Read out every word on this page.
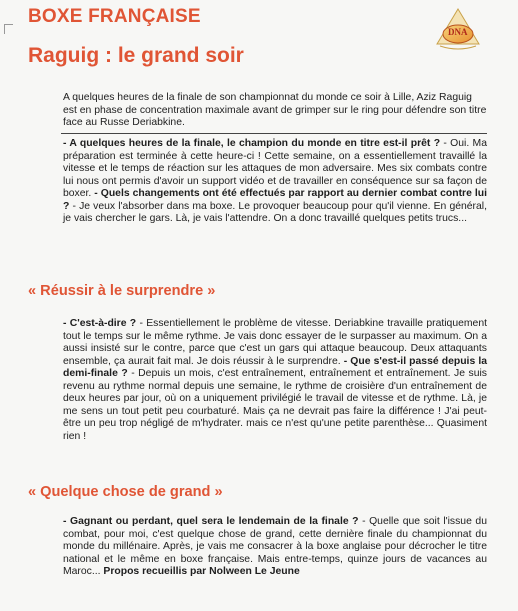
BOXE FRANÇAISE
DNA
Raguig : le grand soir

A quelques heures de la finale de son championnat du monde ce soir à Lille, Aziz Raguig est en phase de concentration maximale avant de grimper sur le ring pour défendre son titre face au Russe Deriabkine.

- A quelques heures de la finale, le champion du monde en titre est-il prêt ? - Oui. Ma préparation est terminée à cette heure-ci ! Cette semaine, on a essentiellement travaillé la vitesse et le temps de réaction sur les attaques de mon adversaire. Mes six combats contre lui nous ont permis d'avoir un support vidéo et de travailler en conséquence sur sa façon de boxer. - Quels changements ont été effectués par rapport au dernier combat contre lui ? - Je veux l'absorber dans ma boxe. Le provoquer beaucoup pour qu'il vienne. En général, je vais chercher le gars. Là, je vais l'attendre. On a donc travaillé quelques petits trucs...

« Réussir à le surprendre »

- C'est-à-dire ? - Essentiellement le problème de vitesse. Deriabkine travaille pratiquement tout le temps sur le même rythme. Je vais donc essayer de le surpasser au maximum. On a aussi insisté sur le contre, parce que c'est un gars qui attaque beaucoup. Deux attaquants ensemble, ça aurait fait mal. Je dois réussir à le surprendre. - Que s'est-il passé depuis la demi-finale ? - Depuis un mois, c'est entraînement, entraînement et entraînement. Je suis revenu au rythme normal depuis une semaine, le rythme de croisière d'un entraînement de deux heures par jour, où on a uniquement privilégié le travail de vitesse et de rythme. Là, je me sens un tout petit peu courbaturé. Mais ça ne devrait pas faire la différence ! J'ai peut-être un peu trop négligé de m'hydrater. mais ce n'est qu'une petite parenthèse... Quasiment rien !

« Quelque chose de grand »

- Gagnant ou perdant, quel sera le lendemain de la finale ? - Quelle que soit l'issue du combat, pour moi, c'est quelque chose de grand, cette dernière finale du championnat du monde du millénaire. Après, je vais me consacrer à la boxe anglaise pour décrocher le titre national et le même en boxe française. Mais entre-temps, quinze jours de vacances au Maroc... Propos recueillis par Nolween Le Jeune
